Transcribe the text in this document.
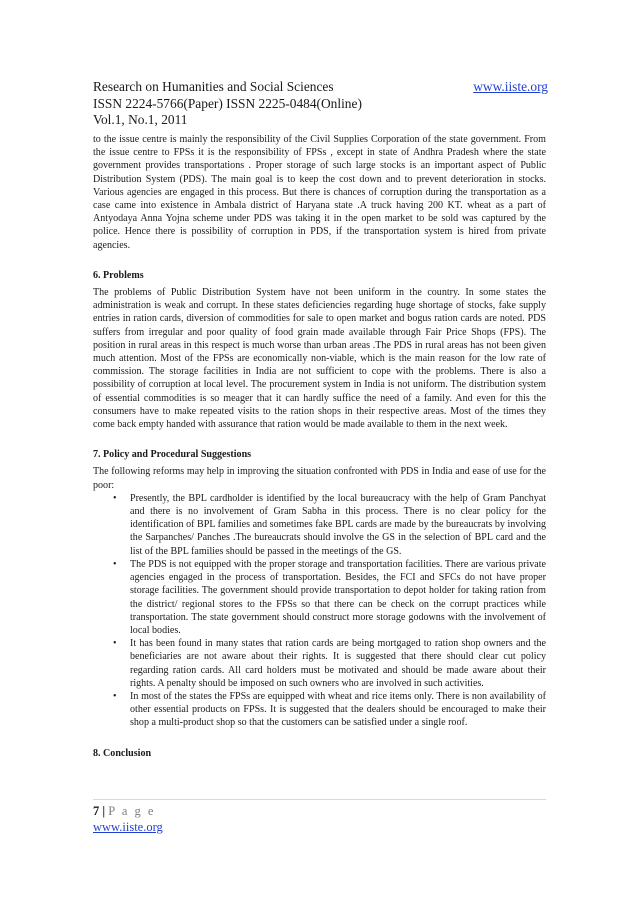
Research on Humanities and Social Sciences	www.iiste.org
ISSN 2224-5766(Paper) ISSN 2225-0484(Online)
Vol.1, No.1, 2011

to the issue centre is mainly the responsibility of the Civil Supplies Corporation of the state government. From the issue centre to FPSs it is the responsibility of FPSs , except in state of Andhra Pradesh where the state government provides transportations . Proper storage of such large stocks is an important aspect of Public Distribution System (PDS). The main goal is to keep the cost down and to prevent deterioration in stocks. Various agencies are engaged in this process. But there is chances of corruption during the transportation as a case came into existence in Ambala district of Haryana state .A truck having 200 KT. wheat as a part of Antyodaya Anna Yojna scheme under PDS was taking it in the open market to be sold was captured by the police. Hence there is possibility of corruption in PDS, if the transportation system is hired from private agencies.

6. Problems

The problems of Public Distribution System have not been uniform in the country. In some states the administration is weak and corrupt. In these states deficiencies regarding huge shortage of stocks, fake supply entries in ration cards, diversion of commodities for sale to open market and bogus ration cards are noted. PDS suffers from irregular and poor quality of food grain made available through Fair Price Shops (FPS). The position in rural areas in this respect is much worse than urban areas .The PDS in rural areas has not been given much attention. Most of the FPSs are economically non-viable, which is the main reason for the low rate of commission. The storage facilities in India are not sufficient to cope with the problems. There is also a possibility of corruption at local level. The procurement system in India is not uniform. The distribution system of essential commodities is so meager that it can hardly suffice the need of a family. And even for this the consumers have to make repeated visits to the ration shops in their respective areas. Most of the times they come back empty handed with assurance that ration would be made available to them in the next week.

7. Policy and Procedural Suggestions

The following reforms may help in improving the situation confronted with PDS in India and ease of use for the poor:

• Presently, the BPL cardholder is identified by the local bureaucracy with the help of Gram Panchyat and there is no involvement of Gram Sabha in this process. There is no clear policy for the identification of BPL families and sometimes fake BPL cards are made by the bureaucrats by involving the Sarpanches/ Panches .The bureaucrats should involve the GS in the selection of BPL card and the list of the BPL families should be passed in the meetings of the GS.
• The PDS is not equipped with the proper storage and transportation facilities. There are various private agencies engaged in the process of transportation. Besides, the FCI and SFCs do not have proper storage facilities. The government should provide transportation to depot holder for taking ration from the district/ regional stores to the FPSs so that there can be check on the corrupt practices while transportation. The state government should construct more storage godowns with the involvement of local bodies.
• It has been found in many states that ration cards are being mortgaged to ration shop owners and the beneficiaries are not aware about their rights. It is suggested that there should clear cut policy regarding ration cards. All card holders must be motivated and should be made aware about their rights. A penalty should be imposed on such owners who are involved in such activities.
• In most of the states the FPSs are equipped with wheat and rice items only. There is non availability of other essential products on FPSs. It is suggested that the dealers should be encouraged to make their shop a multi-product shop so that the customers can be satisfied under a single roof.

8. Conclusion

7 | P a g e
www.iiste.org
